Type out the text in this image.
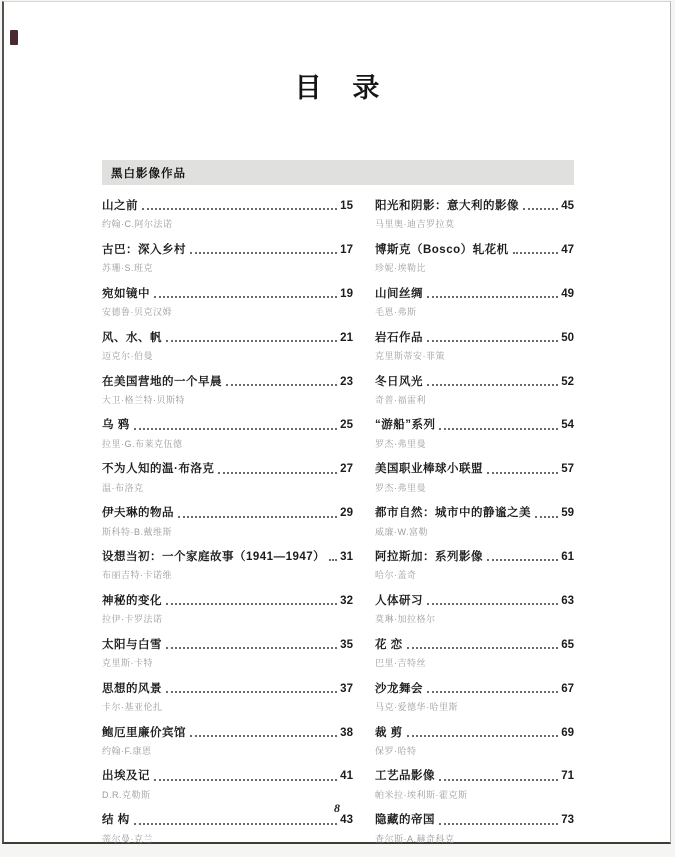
目 录
黑白影像作品
山之前	15
约翰·C.阿尔法诺
古巴：深入乡村	17
苏珊·S.班克
宛如镜中	19
安德鲁·贝克汉姆
风、水、帆	21
迈克尔·伯曼
在美国营地的一个早晨	23
大卫·格兰特·贝斯特
乌 鸦	25
拉里·G.布莱克伍德
不为人知的温·布洛克	27
温·布洛克
伊夫琳的物品	29
斯科特·B.戴维斯
设想当初：一个家庭故事（1941—1947） 31
布丽吉特·卡诺维
神秘的变化	32
拉伊·卡罗法诺
太阳与白雪	35
克里斯·卡特
思想的风景	37
卡尔·基亚伦扎
鲍厄里廉价宾馆	38
约翰·F.康恩
出埃及记	41
D.R.克勒斯
结 构	43
蒂尔曼·克兰
阳光和阴影：意大利的影像	45
马里奥·迪吉罗拉莫
博斯克（Bosco）轧花机	47
珍妮·埃勒比
山间丝绸	49
毛恩·弗斯
岩石作品	50
克里斯蒂安·菲策
冬日风光	52
奇普·福雷利
“游船”系列	54
罗杰·弗里曼
美国职业棒球小联盟	57
罗杰·弗里曼
都市自然：城市中的静谧之美	59
威廉·W.富勒
阿拉斯加：系列影像	61
哈尔·盖奇
人体研习	63
莫琳·加拉格尔
花 恋	65
巴里·吉特丝
沙龙舞会	67
马克·爱德华·哈里斯
裁 剪	69
保罗·哈特
工艺品影像	71
帕米拉·埃利斯·霍克斯
隐藏的帝国	73
查尔斯·A.赫奇科克
8
